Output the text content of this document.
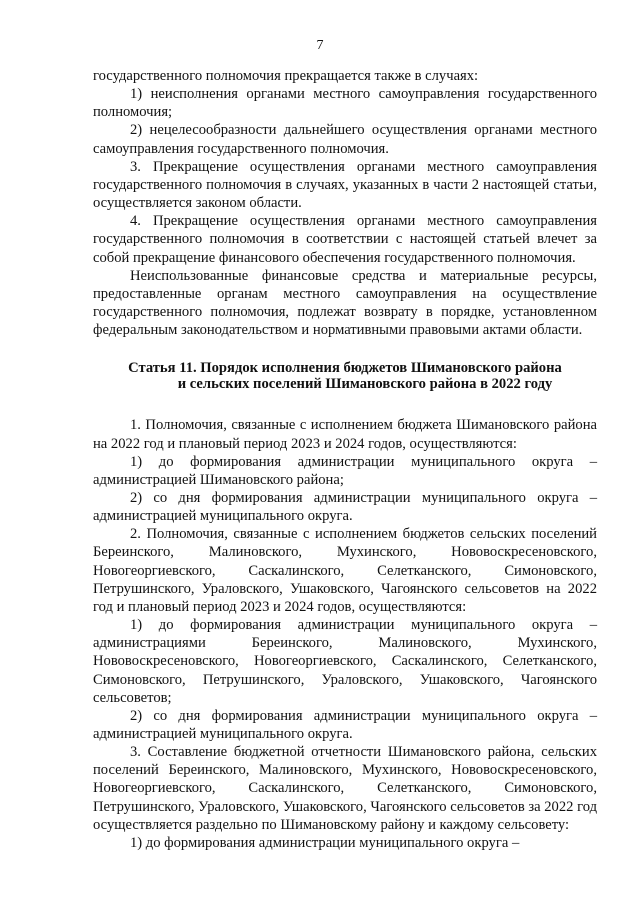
7

государственного полномочия прекращается также в случаях:

1) неисполнения органами местного самоуправления государственного полномочия;

2) нецелесообразности дальнейшего осуществления органами местного самоуправления государственного полномочия.

3. Прекращение осуществления органами местного самоуправления государственного полномочия в случаях, указанных в части 2 настоящей статьи, осуществляется законом области.

4. Прекращение осуществления органами местного самоуправления государственного полномочия в соответствии с настоящей статьей влечет за собой прекращение финансового обеспечения государственного полномочия.

Неиспользованные финансовые средства и материальные ресурсы, предоставленные органам местного самоуправления на осуществление государственного полномочия, подлежат возврату в порядке, установленном федеральным законодательством и нормативными правовыми актами области.

Статья 11. Порядок исполнения бюджетов Шимановского района
и сельских поселений Шимановского района в 2022 году

1. Полномочия, связанные с исполнением бюджета Шимановского района на 2022 год и плановый период 2023 и 2024 годов, осуществляются:

1) до формирования администрации муниципального округа – администрацией Шимановского района;

2) со дня формирования администрации муниципального округа – администрацией муниципального округа.

2. Полномочия, связанные с исполнением бюджетов сельских поселений Береинского, Малиновского, Мухинского, Нововоскресеновского, Новогеоргиевского, Саскалинского, Селетканского, Симоновского, Петрушинского, Ураловского, Ушаковского, Чагоянского сельсоветов на 2022 год и плановый период 2023 и 2024 годов, осуществляются:

1) до формирования администрации муниципального округа – администрациями Береинского, Малиновского, Мухинского, Нововоскресеновского, Новогеоргиевского, Саскалинского, Селетканского, Симоновского, Петрушинского, Ураловского, Ушаковского, Чагоянского сельсоветов;

2) со дня формирования администрации муниципального округа – администрацией муниципального округа.

3. Составление бюджетной отчетности Шимановского района, сельских поселений Береинского, Малиновского, Мухинского, Нововоскресеновского, Новогеоргиевского, Саскалинского, Селетканского, Симоновского, Петрушинского, Ураловского, Ушаковского, Чагоянского сельсоветов за 2022 год осуществляется раздельно по Шимановскому району и каждому сельсовету:

1) до формирования администрации муниципального округа –
